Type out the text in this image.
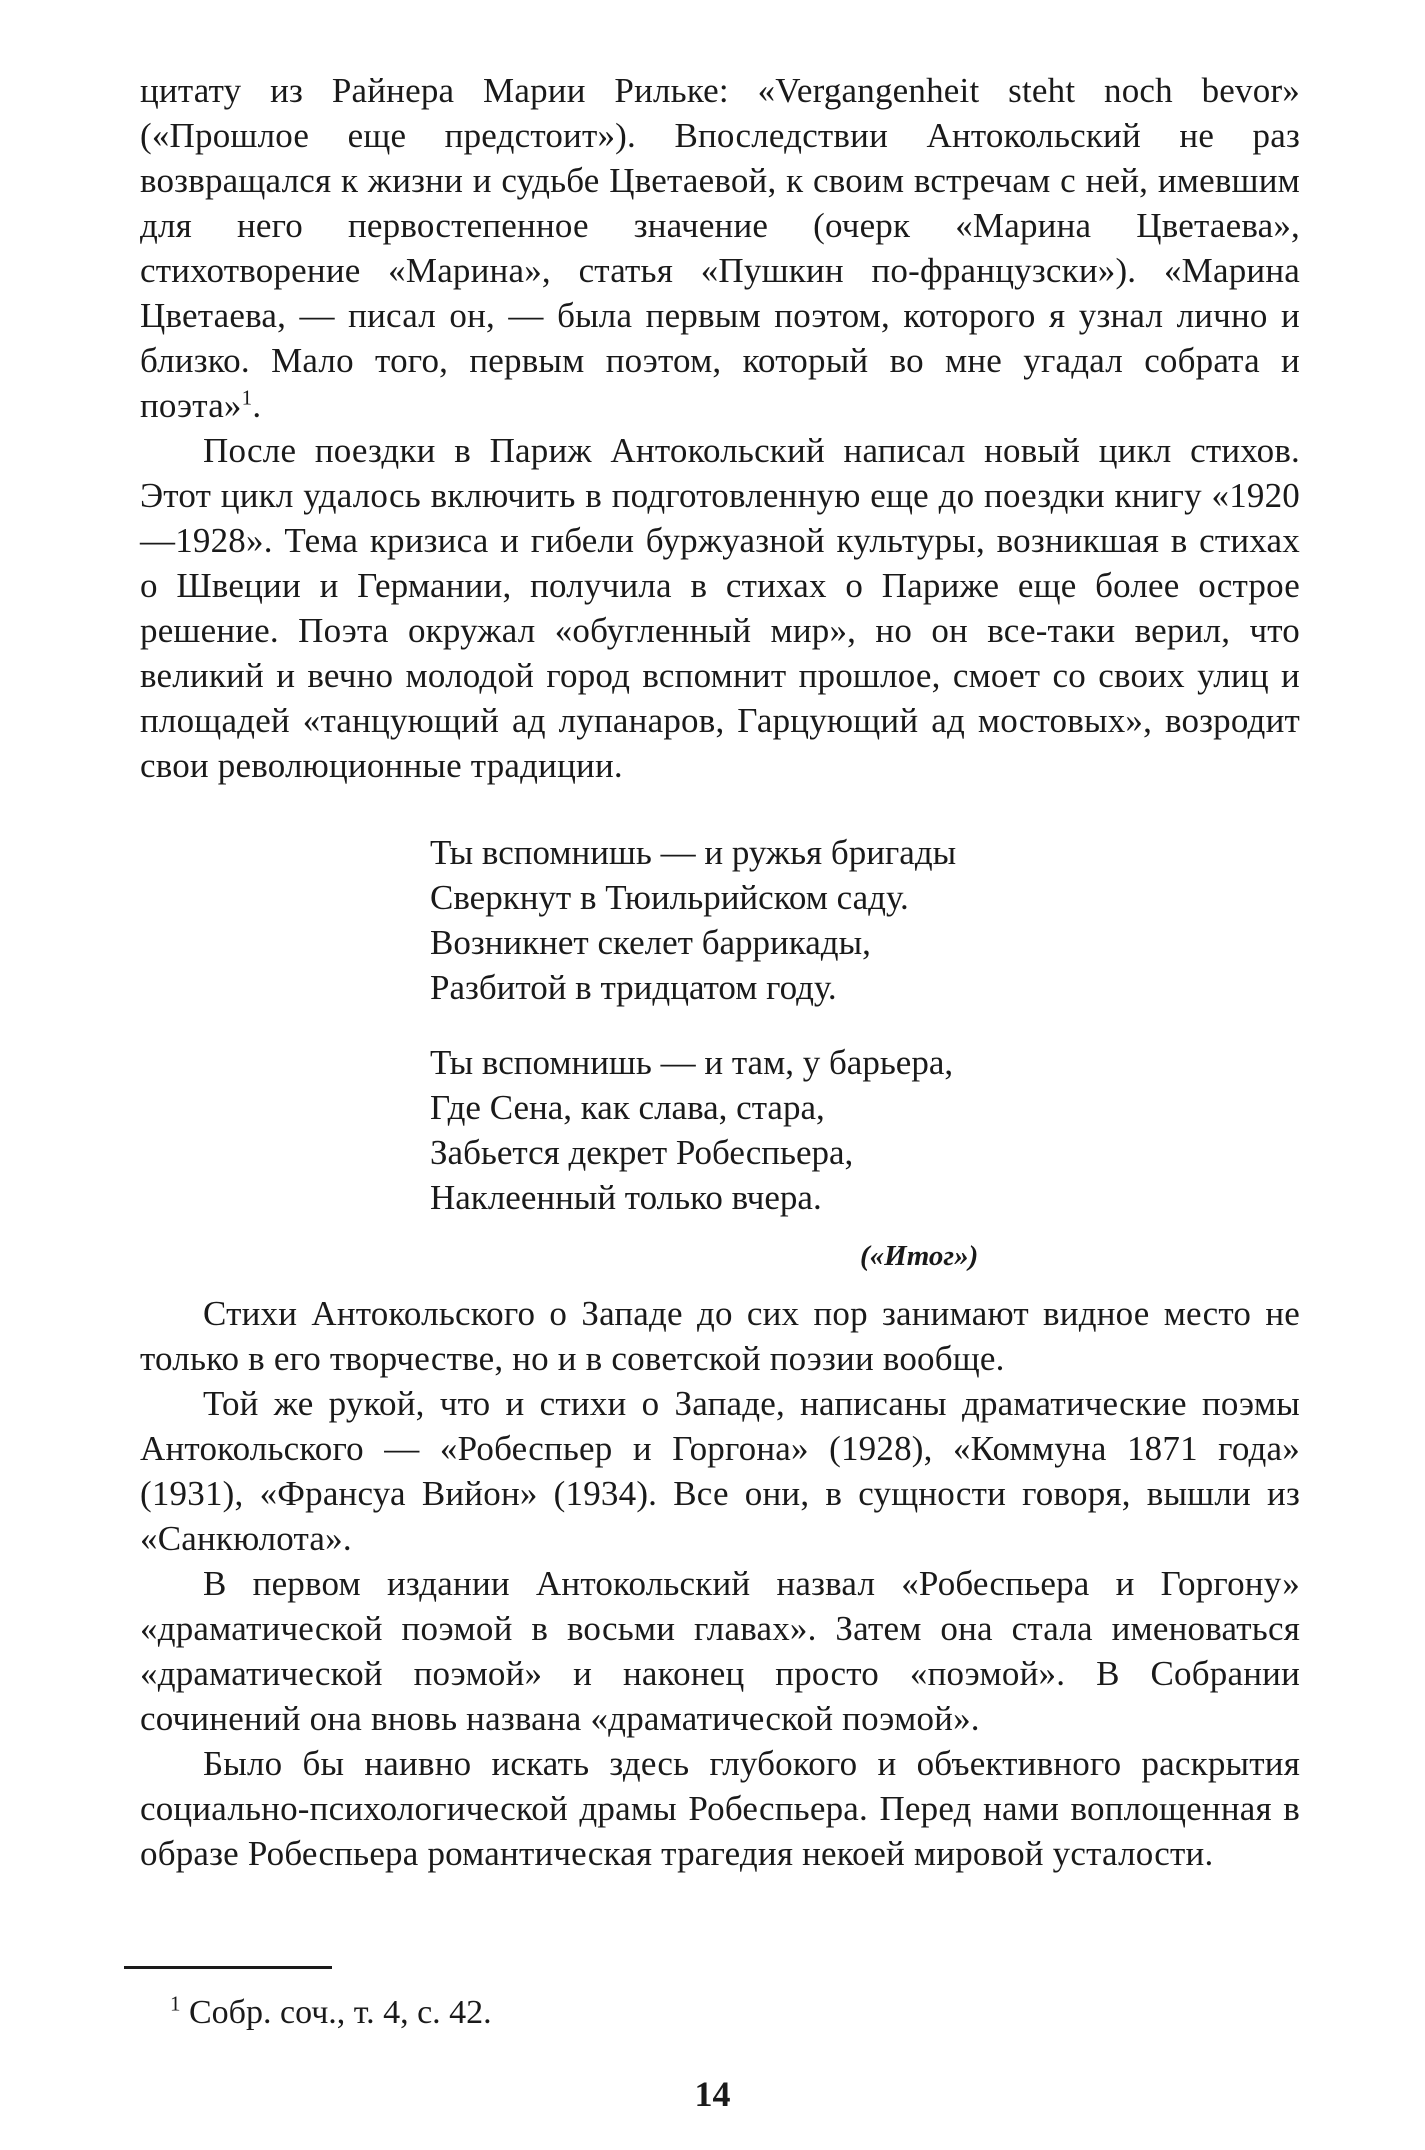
цитату из Райнера Марии Рильке: «Vergangenheit steht noch bevor» («Прошлое еще предстоит»). Впоследствии Антокольский не раз возвращался к жизни и судьбе Цветаевой, к своим встречам с ней, имевшим для него первостепенное значение (очерк «Марина Цветаева», стихотворение «Марина», статья «Пушкин по-французски»). «Марина Цветаева, — писал он, — была первым поэтом, которого я узнал лично и близко. Мало того, первым поэтом, который во мне угадал собрата и поэта»$^1$.

После поездки в Париж Антокольский написал новый цикл стихов. Этот цикл удалось включить в подготовленную еще до поездки книгу «1920—1928». Тема кризиса и гибели буржуазной культуры, возникшая в стихах о Швеции и Германии, получила в стихах о Париже еще более острое решение. Поэта окружал «обугленный мир», но он все-таки верил, что великий и вечно молодой город вспомнит прошлое, смоет со своих улиц и площадей «танцующий ад лупанаров, Гарцующий ад мостовых», возродит свои революционные традиции.

Ты вспомнишь — и ружья бригады
Сверкнут в Тюильрийском саду.
Возникнет скелет баррикады,
Разбитой в тридцатом году.
Ты вспомнишь — и там, у барьера,
Где Сена, как слава, стара,
Забьется декрет Робеспьера,
Наклеенный только вчера.
(«Итог»)

Стихи Антокольского о Западе до сих пор занимают видное место не только в его творчестве, но и в советской поэзии вообще.

Той же рукой, что и стихи о Западе, написаны драматические поэмы Антокольского — «Робеспьер и Горгона» (1928), «Коммуна 1871 года» (1931), «Франсуа Вийон» (1934). Все они, в сущности говоря, вышли из «Санкюлота».

В первом издании Антокольский назвал «Робеспьера и Горгону» «драматической поэмой в восьми главах». Затем она стала именоваться «драматической поэмой» и наконец просто «поэмой». В Собрании сочинений она вновь названа «драматической поэмой».

Было бы наивно искать здесь глубокого и объективного раскрытия социально-психологической драмы Робеспьера. Перед нами воплощенная в образе Робеспьера романтическая трагедия некоей мировой усталости.

$^1$ Собр. соч., т. 4, с. 42.
14
